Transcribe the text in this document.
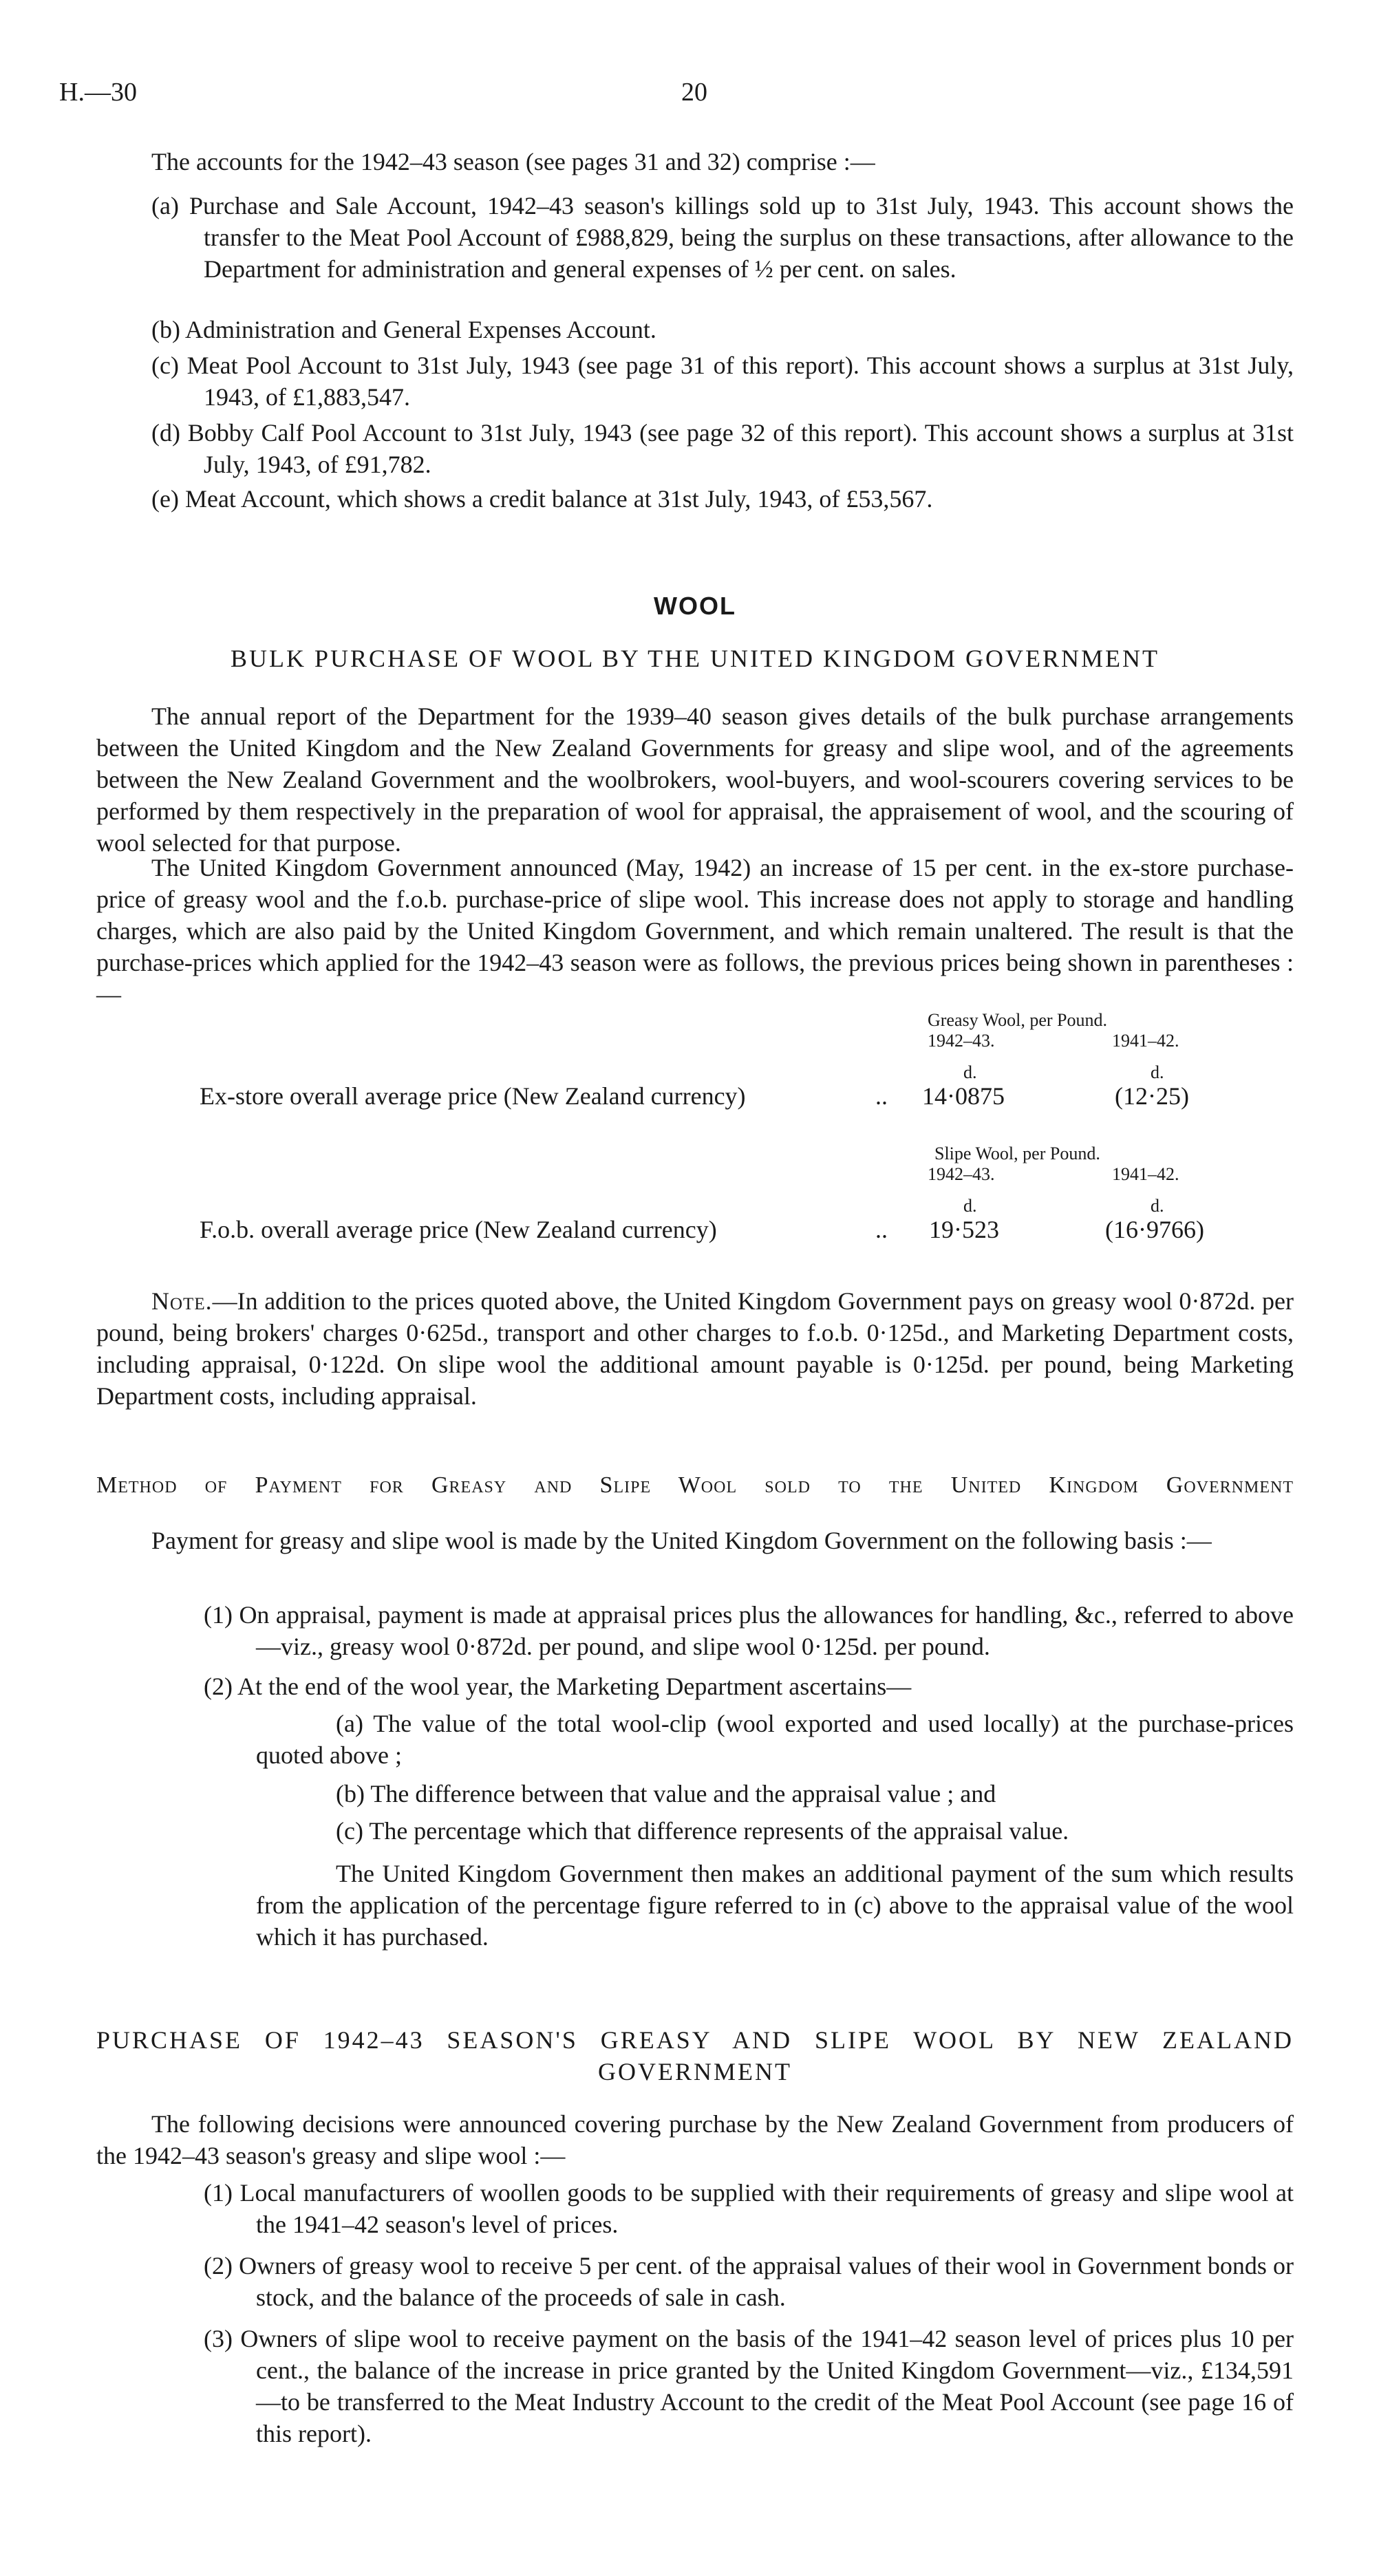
H.—30	20
The accounts for the 1942–43 season (see pages 31 and 32) comprise :—
(a) Purchase and Sale Account, 1942–43 season's killings sold up to 31st July, 1943. This account shows the transfer to the Meat Pool Account of £988,829, being the surplus on these transactions, after allowance to the Department for administration and general expenses of ½ per cent. on sales.
(b) Administration and General Expenses Account.
(c) Meat Pool Account to 31st July, 1943 (see page 31 of this report). This account shows a surplus at 31st July, 1943, of £1,883,547.
(d) Bobby Calf Pool Account to 31st July, 1943 (see page 32 of this report). This account shows a surplus at 31st July, 1943, of £91,782.
(e) Meat Account, which shows a credit balance at 31st July, 1943, of £53,567.
WOOL
BULK PURCHASE OF WOOL BY THE UNITED KINGDOM GOVERNMENT
The annual report of the Department for the 1939–40 season gives details of the bulk purchase arrangements between the United Kingdom and the New Zealand Governments for greasy and slipe wool, and of the agreements between the New Zealand Government and the woolbrokers, wool-buyers, and wool-scourers covering services to be performed by them respectively in the preparation of wool for appraisal, the appraisement of wool, and the scouring of wool selected for that purpose.
The United Kingdom Government announced (May, 1942) an increase of 15 per cent. in the ex-store purchase-price of greasy wool and the f.o.b. purchase-price of slipe wool. This increase does not apply to storage and handling charges, which are also paid by the United Kingdom Government, and which remain unaltered. The result is that the purchase-prices which applied for the 1942–43 season were as follows, the previous prices being shown in parentheses :—
Greasy Wool, per Pound.
1942–43.	1941–42.
d.	d.
Ex-store overall average price (New Zealand currency)	.. 14·0875	(12·25)
Slipe Wool, per Pound.
1942–43.	1941–42.
d.	d.
F.o.b. overall average price (New Zealand currency)	.. 19·523	(16·9766)
Note.—In addition to the prices quoted above, the United Kingdom Government pays on greasy wool 0·872d. per pound, being brokers' charges 0·625d., transport and other charges to f.o.b. 0·125d., and Marketing Department costs, including appraisal, 0·122d. On slipe wool the additional amount payable is 0·125d. per pound, being Marketing Department costs, including appraisal.
Method of Payment for Greasy and Slipe Wool sold to the United Kingdom Government
Payment for greasy and slipe wool is made by the United Kingdom Government on the following basis :—
(1) On appraisal, payment is made at appraisal prices plus the allowances for handling, &c., referred to above—viz., greasy wool 0·872d. per pound, and slipe wool 0·125d. per pound.
(2) At the end of the wool year, the Marketing Department ascertains—
(a) The value of the total wool-clip (wool exported and used locally) at the purchase-prices quoted above ;
(b) The difference between that value and the appraisal value ; and
(c) The percentage which that difference represents of the appraisal value.
The United Kingdom Government then makes an additional payment of the sum which results from the application of the percentage figure referred to in (c) above to the appraisal value of the wool which it has purchased.
PURCHASE OF 1942–43 SEASON'S GREASY AND SLIPE WOOL BY NEW ZEALAND
GOVERNMENT
The following decisions were announced covering purchase by the New Zealand Government from producers of the 1942–43 season's greasy and slipe wool :—
(1) Local manufacturers of woollen goods to be supplied with their requirements of greasy and slipe wool at the 1941–42 season's level of prices.
(2) Owners of greasy wool to receive 5 per cent. of the appraisal values of their wool in Government bonds or stock, and the balance of the proceeds of sale in cash.
(3) Owners of slipe wool to receive payment on the basis of the 1941–42 season level of prices plus 10 per cent., the balance of the increase in price granted by the United Kingdom Government—viz., £134,591—to be transferred to the Meat Industry Account to the credit of the Meat Pool Account (see page 16 of this report).
